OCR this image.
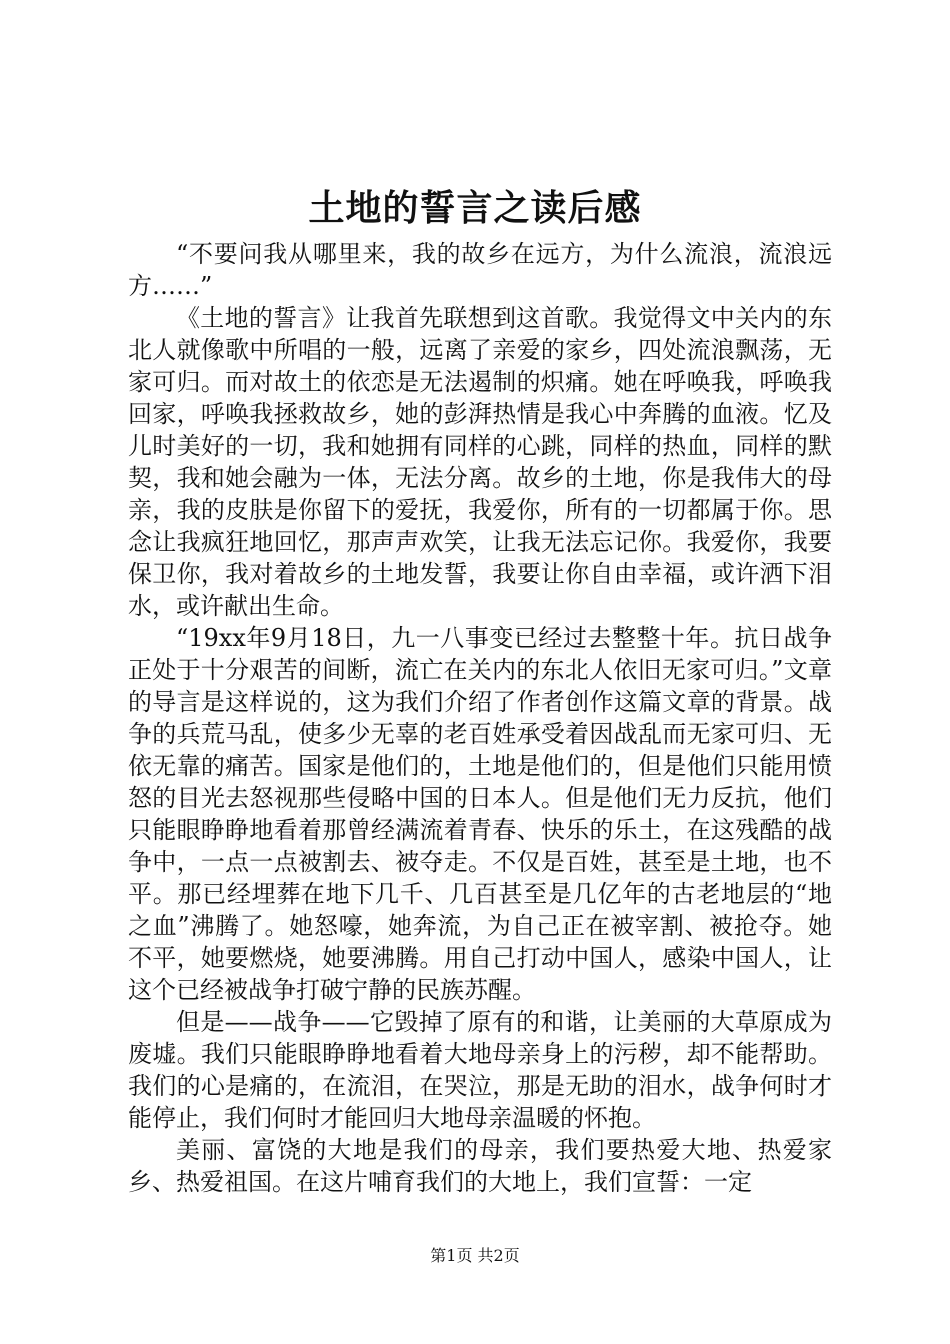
土地的誓言之读后感

“不要问我从哪里来，我的故乡在远方，为什么流浪，流浪远方……”

《土地的誓言》让我首先联想到这首歌。我觉得文中关内的东北人就像歌中所唱的一般，远离了亲爱的家乡，四处流浪飘荡，无家可归。而对故土的依恋是无法遏制的炽痛。她在呼唤我，呼唤我回家，呼唤我拯救故乡，她的彭湃热情是我心中奔腾的血液。忆及儿时美好的一切，我和她拥有同样的心跳，同样的热血，同样的默契，我和她会融为一体，无法分离。故乡的土地，你是我伟大的母亲，我的皮肤是你留下的爱抚，我爱你，所有的一切都属于你。思念让我疯狂地回忆，那声声欢笑，让我无法忘记你。我爱你，我要保卫你，我对着故乡的土地发誓，我要让你自由幸福，或许洒下泪水，或许献出生命。

“19xx年9月18日，九一八事变已经过去整整十年。抗日战争正处于十分艰苦的间断，流亡在关内的东北人依旧无家可归。”文章的导言是这样说的，这为我们介绍了作者创作这篇文章的背景。战争的兵荒马乱，使多少无辜的老百姓承受着因战乱而无家可归、无依无靠的痛苦。国家是他们的，土地是他们的，但是他们只能用愤怒的目光去怒视那些侵略中国的日本人。但是他们无力反抗，他们只能眼睁睁地看着那曾经满流着青春、快乐的乐土，在这残酷的战争中，一点一点被割去、被夺走。不仅是百姓，甚至是土地，也不平。那已经埋葬在地下几千、几百甚至是几亿年的古老地层的“地之血”沸腾了。她怒嚎，她奔流，为自己正在被宰割、被抢夺。她不平，她要燃烧，她要沸腾。用自己打动中国人，感染中国人，让这个已经被战争打破宁静的民族苏醒。

但是——战争——它毁掉了原有的和谐，让美丽的大草原成为废墟。我们只能眼睁睁地看着大地母亲身上的污秽，却不能帮助。我们的心是痛的，在流泪，在哭泣，那是无助的泪水，战争何时才能停止，我们何时才能回归大地母亲温暖的怀抱。

美丽、富饶的大地是我们的母亲，我们要热爱大地、热爱家乡、热爱祖国。在这片哺育我们的大地上，我们宣誓：一定

第1页 共2页
